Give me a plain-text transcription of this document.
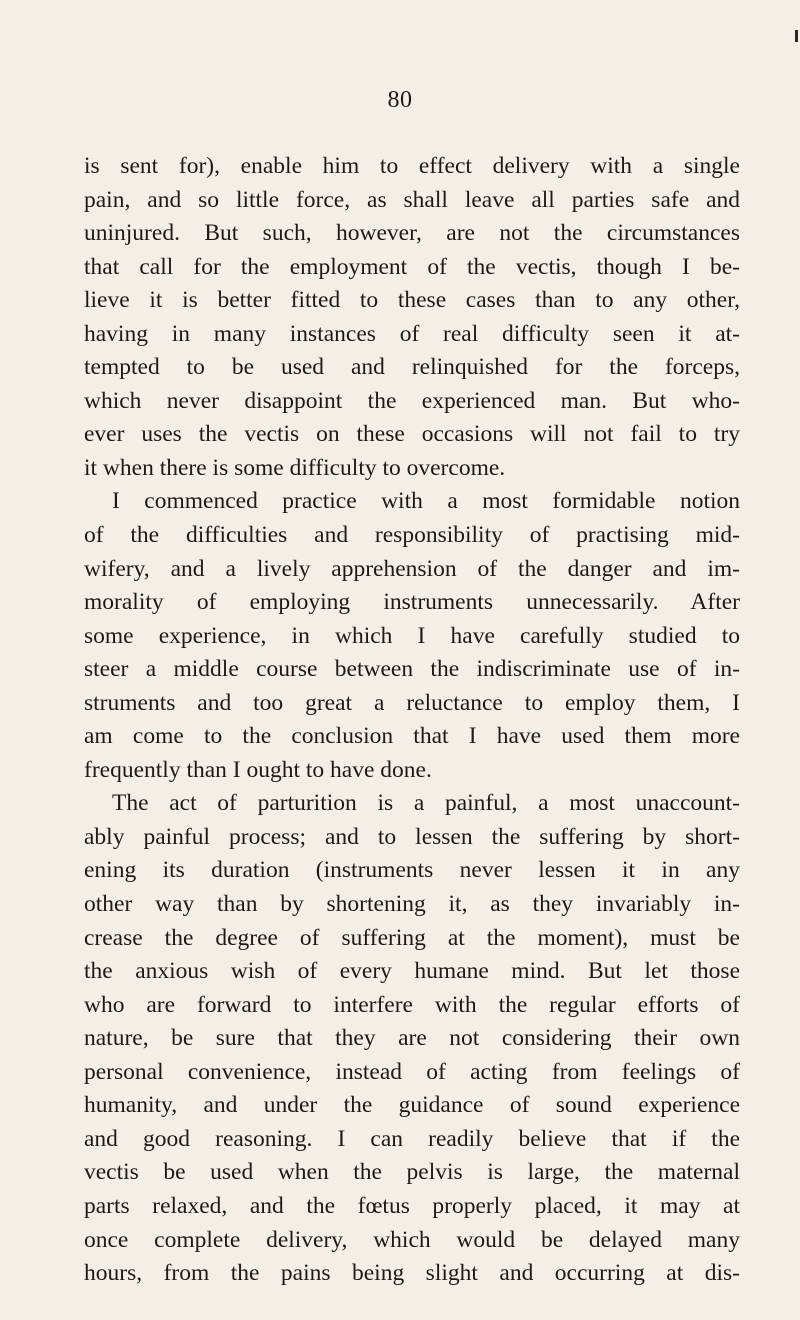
80
is sent for), enable him to effect delivery with a single
pain, and so little force, as shall leave all parties safe and
uninjured. But such, however, are not the circumstances
that call for the employment of the vectis, though I be-
lieve it is better fitted to these cases than to any other,
having in many instances of real difficulty seen it at-
tempted to be used and relinquished for the forceps,
which never disappoint the experienced man. But who-
ever uses the vectis on these occasions will not fail to try
it when there is some difficulty to overcome.
I commenced practice with a most formidable notion
of the difficulties and responsibility of practising mid-
wifery, and a lively apprehension of the danger and im-
morality of employing instruments unnecessarily. After
some experience, in which I have carefully studied to
steer a middle course between the indiscriminate use of in-
struments and too great a reluctance to employ them, I
am come to the conclusion that I have used them more
frequently than I ought to have done.
The act of parturition is a painful, a most unaccount-
ably painful process; and to lessen the suffering by short-
ening its duration (instruments never lessen it in any
other way than by shortening it, as they invariably in-
crease the degree of suffering at the moment), must be
the anxious wish of every humane mind. But let those
who are forward to interfere with the regular efforts of
nature, be sure that they are not considering their own
personal convenience, instead of acting from feelings of
humanity, and under the guidance of sound experience
and good reasoning. I can readily believe that if the
vectis be used when the pelvis is large, the maternal
parts relaxed, and the fœtus properly placed, it may at
once complete delivery, which would be delayed many
hours, from the pains being slight and occurring at dis-
